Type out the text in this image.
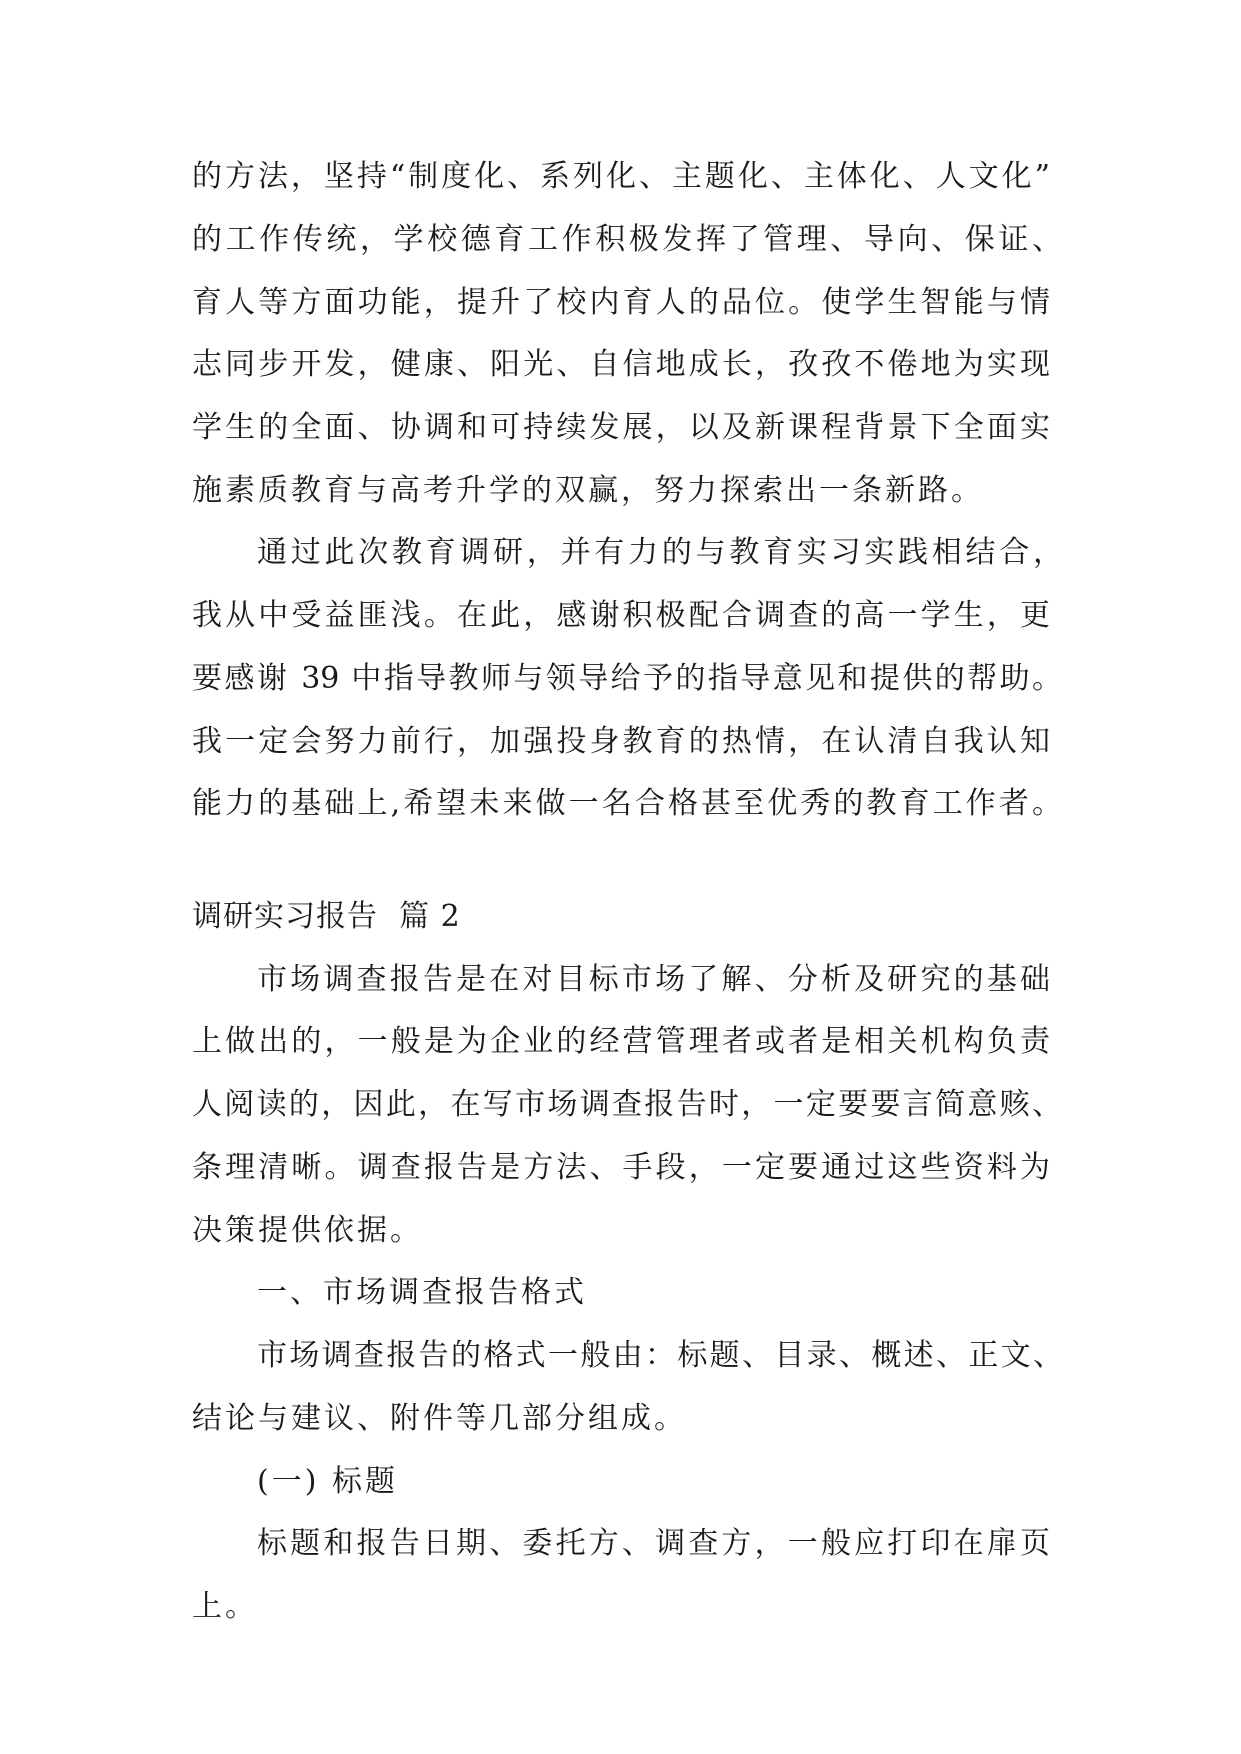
的方法，坚持“制度化、系列化、主题化、主体化、人文化”
的工作传统，学校德育工作积极发挥了管理、导向、保证、
育人等方面功能，提升了校内育人的品位。使学生智能与情
志同步开发，健康、阳光、自信地成长，孜孜不倦地为实现
学生的全面、协调和可持续发展，以及新课程背景下全面实
施素质教育与高考升学的双赢，努力探索出一条新路。
通过此次教育调研，并有力的与教育实习实践相结合，
我从中受益匪浅。在此，感谢积极配合调查的高一学生，更
要感谢 39 中指导教师与领导给予的指导意见和提供的帮助。
我一定会努力前行，加强投身教育的热情，在认清自我认知
能力的基础上,希望未来做一名合格甚至优秀的教育工作者。
调研实习报告  篇 2
市场调查报告是在对目标市场了解、分析及研究的基础
上做出的，一般是为企业的经营管理者或者是相关机构负责
人阅读的，因此，在写市场调查报告时，一定要要言简意赅、
条理清晰。调查报告是方法、手段，一定要通过这些资料为
决策提供依据。
一、市场调查报告格式
市场调查报告的格式一般由：标题、目录、概述、正文、
结论与建议、附件等几部分组成。
(一) 标题
标题和报告日期、委托方、调查方，一般应打印在扉页
上。
